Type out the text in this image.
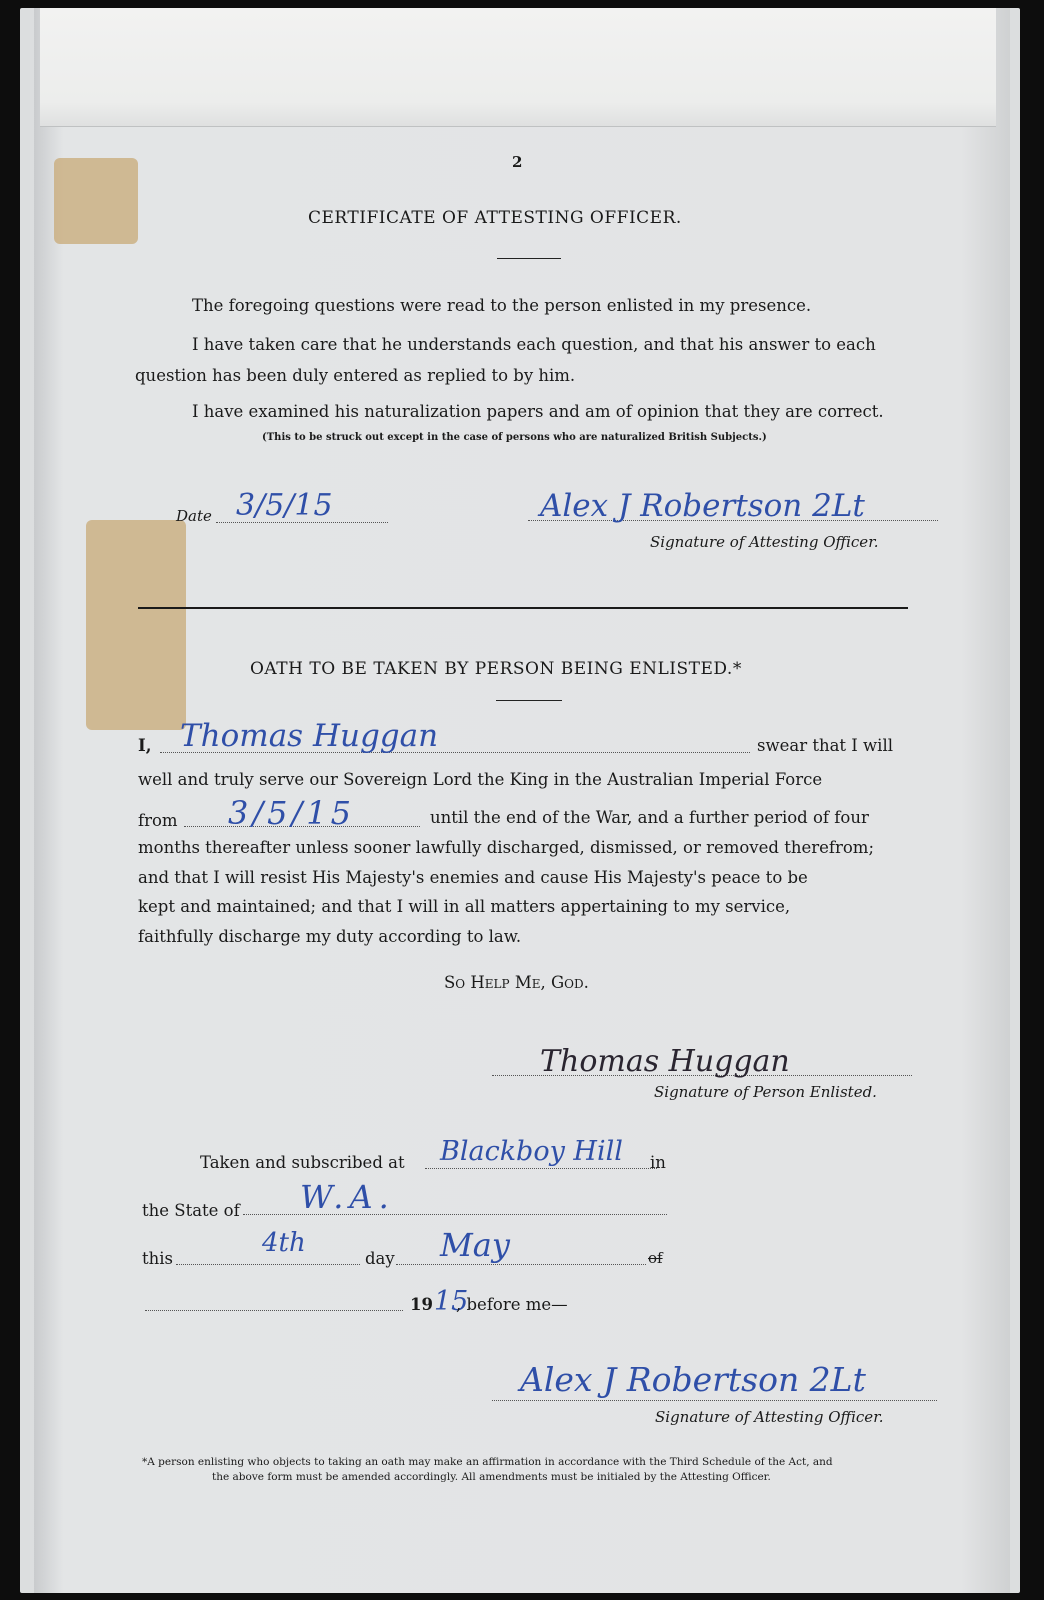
2
CERTIFICATE OF ATTESTING OFFICER.
The foregoing questions were read to the person enlisted in my presence.
I have taken care that he understands each question, and that his answer to each
question has been duly entered as replied to by him.
I have examined his naturalization papers and am of opinion that they are correct.
(This to be struck out except in the case of persons who are naturalized British Subjects.)
Date 3/5/15	Alex J Robertson 2Lt
Signature of Attesting Officer.
OATH TO BE TAKEN BY PERSON BEING ENLISTED.*
I, Thomas Huggan	swear that I will
well and truly serve our Sovereign Lord the King in the Australian Imperial Force
from 3/5/15	until the end of the War, and a further period of four
months thereafter unless sooner lawfully discharged, dismissed, or removed therefrom;
and that I will resist His Majesty's enemies and cause His Majesty's peace to be
kept and maintained; and that I will in all matters appertaining to my service,
faithfully discharge my duty according to law.
So Help Me, God.
Thomas Huggan
Signature of Person Enlisted.
Taken and subscribed at Blackboy Hill in
the State of W.A.
this
4th
day May	of
19 15
, before me—
Alex J Robertson 2Lt
Signature of Attesting Officer.
*A person enlisting who objects to taking an oath may make an affirmation in accordance with the Third Schedule of the Act, and
the above form must be amended accordingly. All amendments must be initialed by the Attesting Officer.
